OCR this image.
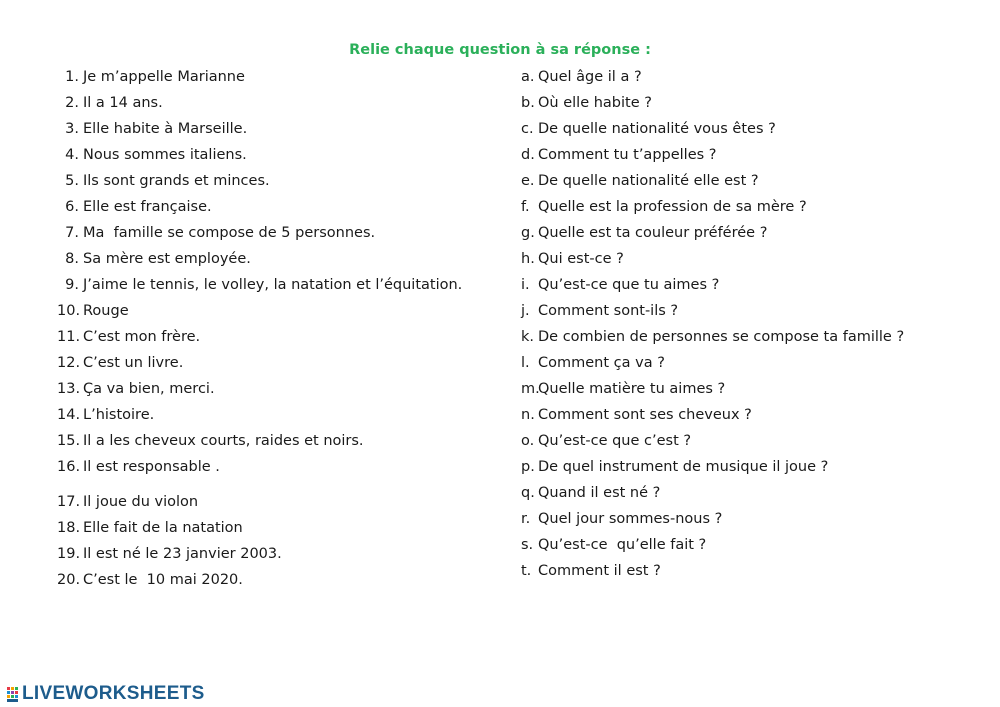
Relie chaque question à sa réponse :
1. Je m’appelle Marianne
2. Il a 14 ans.
3. Elle habite à Marseille.
4. Nous sommes italiens.
5. Ils sont grands et minces.
6. Elle est française.
7. Ma  famille se compose de 5 personnes.
8. Sa mère est employée.
9. J’aime le tennis, le volley, la natation et l’équitation.
10. Rouge
11. C’est mon frère.
12. C’est un livre.
13. Ça va bien, merci.
14. L’histoire.
15. Il a les cheveux courts, raides et noirs.
16. Il est responsable .
17. Il joue du violon
18. Elle fait de la natation
19. Il est né le 23 janvier 2003.
20. C’est le  10 mai 2020.
a. Quel âge il a ?
b. Où elle habite ?
c. De quelle nationalité vous êtes ?
d. Comment tu t’appelles ?
e. De quelle nationalité elle est ?
f. Quelle est la profession de sa mère ?
g. Quelle est ta couleur préférée ?
h. Qui est-ce ?
i. Qu’est-ce que tu aimes ?
j. Comment sont-ils ?
k. De combien de personnes se compose ta famille ?
l. Comment ça va ?
m.Quelle matière tu aimes ?
n. Comment sont ses cheveux ?
o. Qu’est-ce que c’est ?
p. De quel instrument de musique il joue ?
q. Quand il est né ?
r. Quel jour sommes-nous ?
s. Qu’est-ce  qu’elle fait ?
t. Comment il est ?
LIVEWORKSHEETS
